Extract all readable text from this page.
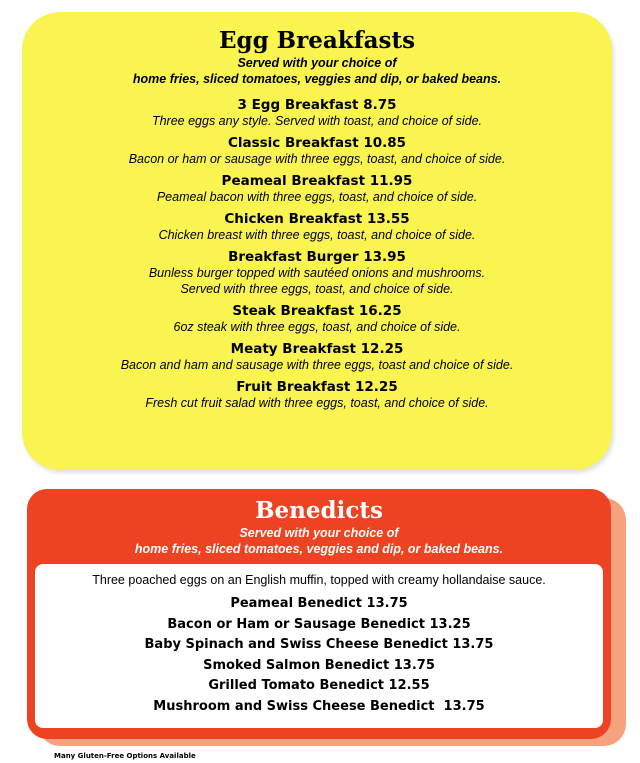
Egg Breakfasts
Served with your choice of
home fries, sliced tomatoes, veggies and dip, or baked beans.
3 Egg Breakfast 8.75
Three eggs any style. Served with toast, and choice of side.
Classic Breakfast 10.85
Bacon or ham or sausage with three eggs, toast, and choice of side.
Peameal Breakfast 11.95
Peameal bacon with three eggs, toast, and choice of side.
Chicken Breakfast 13.55
Chicken breast with three eggs, toast, and choice of side.
Breakfast Burger 13.95
Bunless burger topped with sautéed onions and mushrooms.
Served with three eggs, toast, and choice of side.
Steak Breakfast 16.25
6oz steak with three eggs, toast, and choice of side.
Meaty Breakfast 12.25
Bacon and ham and sausage with three eggs, toast and choice of side.
Fruit Breakfast 12.25
Fresh cut fruit salad with three eggs, toast, and choice of side.
Benedicts
Served with your choice of
home fries, sliced tomatoes, veggies and dip, or baked beans.
Three poached eggs on an English muffin, topped with creamy hollandaise sauce.
Peameal Benedict 13.75
Bacon or Ham or Sausage Benedict 13.25
Baby Spinach and Swiss Cheese Benedict 13.75
Smoked Salmon Benedict 13.75
Grilled Tomato Benedict 12.55
Mushroom and Swiss Cheese Benedict  13.75
Many Gluten-Free Options Available
